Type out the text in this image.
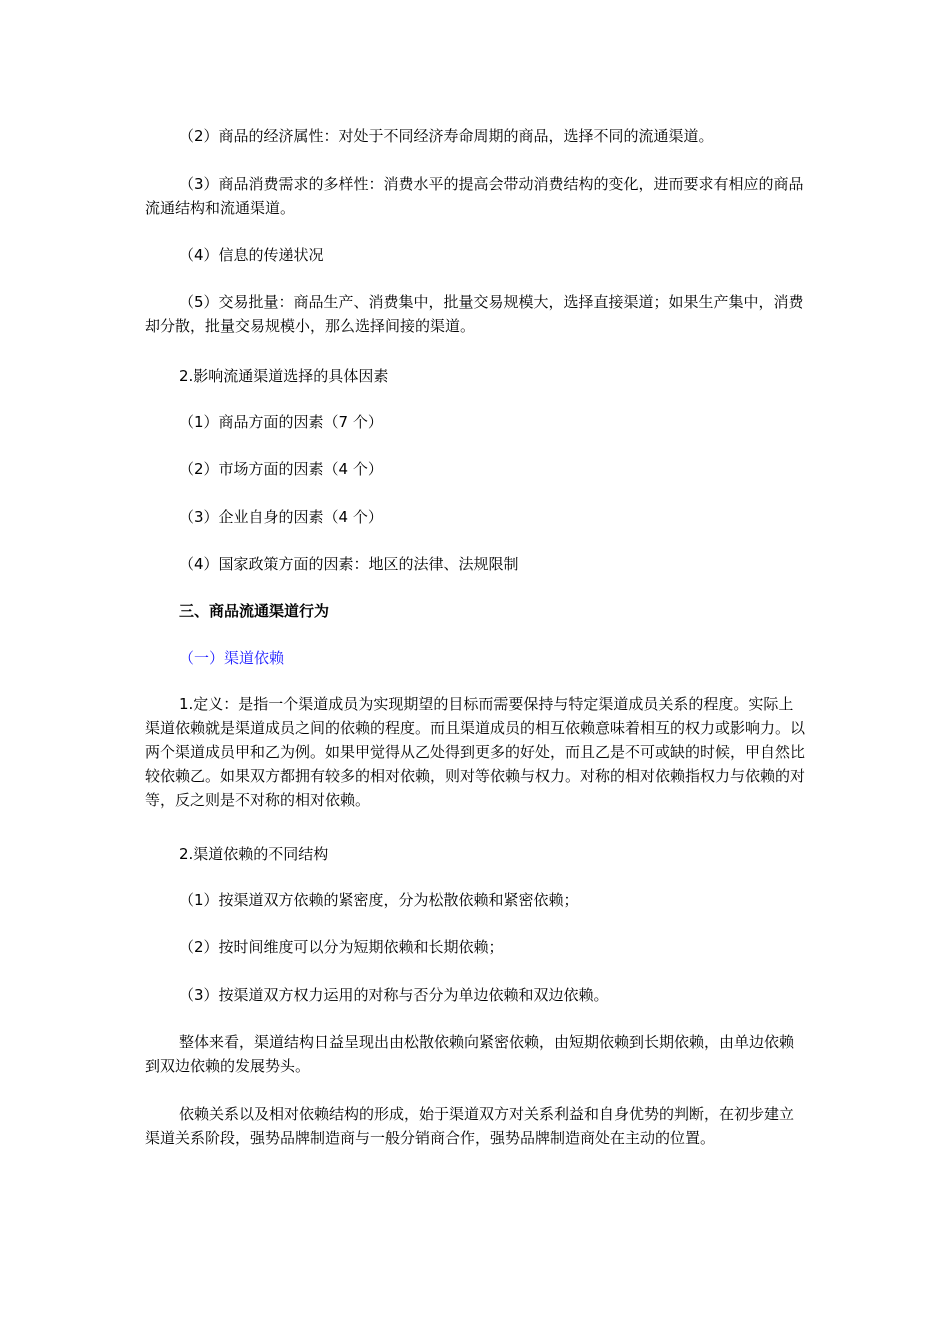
（2）商品的经济属性：对处于不同经济寿命周期的商品，选择不同的流通渠道。

（3）商品消费需求的多样性：消费水平的提高会带动消费结构的变化，进而要求有相应的商品流通结构和流通渠道。

（4）信息的传递状况

（5）交易批量：商品生产、消费集中，批量交易规模大，选择直接渠道；如果生产集中，消费却分散，批量交易规模小，那么选择间接的渠道。

2.影响流通渠道选择的具体因素

（1）商品方面的因素（7 个）

（2）市场方面的因素（4 个）

（3）企业自身的因素（4 个）

（4）国家政策方面的因素：地区的法律、法规限制

三、商品流通渠道行为

（一）渠道依赖

1.定义：是指一个渠道成员为实现期望的目标而需要保持与特定渠道成员关系的程度。实际上渠道依赖就是渠道成员之间的依赖的程度。而且渠道成员的相互依赖意味着相互的权力或影响力。以两个渠道成员甲和乙为例。如果甲觉得从乙处得到更多的好处，而且乙是不可或缺的时候，甲自然比较依赖乙。如果双方都拥有较多的相对依赖，则对等依赖与权力。对称的相对依赖指权力与依赖的对等，反之则是不对称的相对依赖。

2.渠道依赖的不同结构

（1）按渠道双方依赖的紧密度，分为松散依赖和紧密依赖；

（2）按时间维度可以分为短期依赖和长期依赖；

（3）按渠道双方权力运用的对称与否分为单边依赖和双边依赖。

整体来看，渠道结构日益呈现出由松散依赖向紧密依赖，由短期依赖到长期依赖，由单边依赖到双边依赖的发展势头。

依赖关系以及相对依赖结构的形成，始于渠道双方对关系利益和自身优势的判断，在初步建立渠道关系阶段，强势品牌制造商与一般分销商合作，强势品牌制造商处在主动的位置。
